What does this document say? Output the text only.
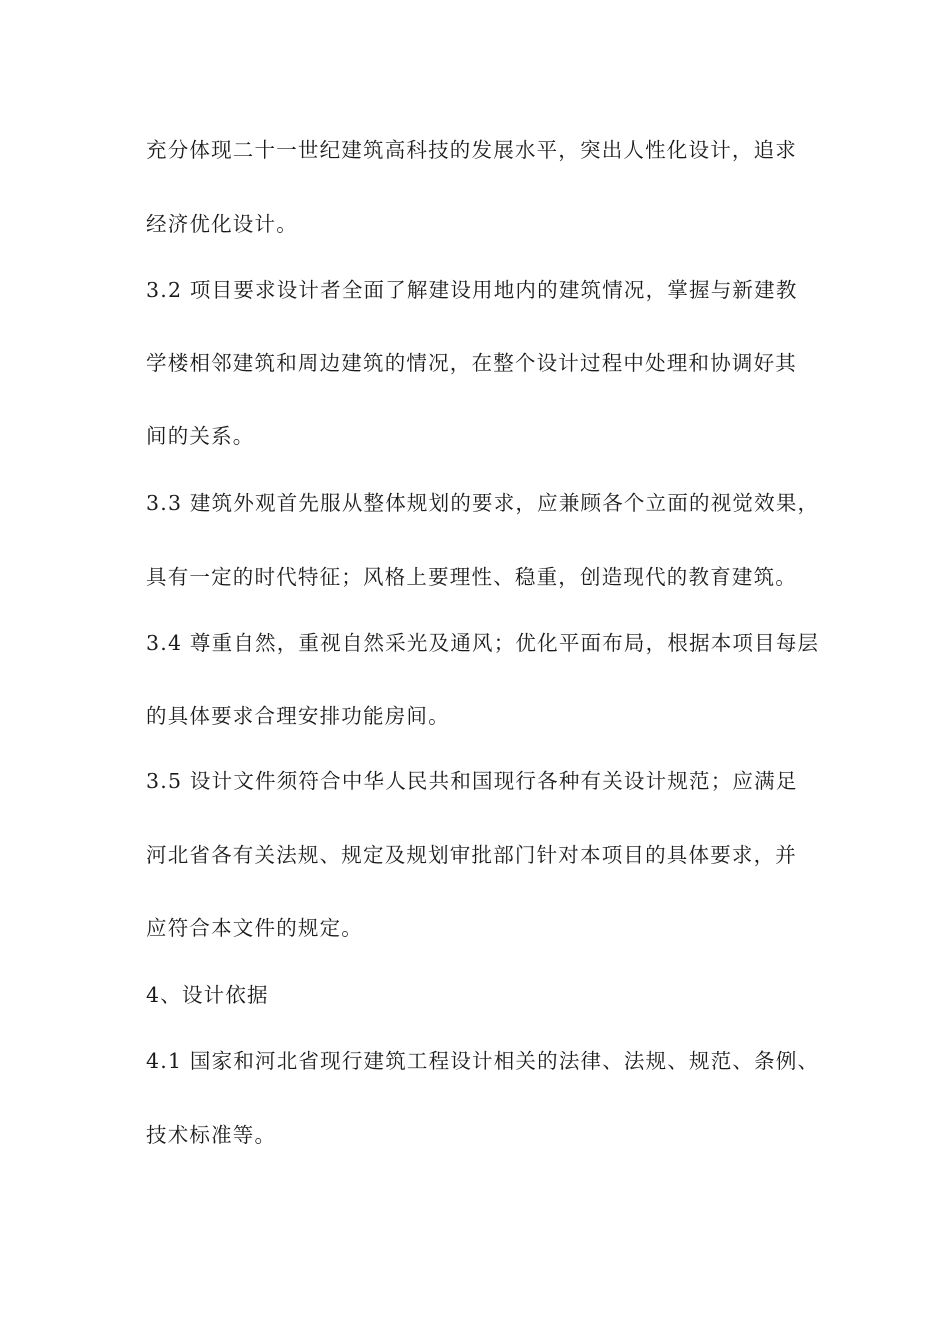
充分体现二十一世纪建筑高科技的发展水平，突出人性化设计，追求
经济优化设计。
3.2 项目要求设计者全面了解建设用地内的建筑情况，掌握与新建教
学楼相邻建筑和周边建筑的情况，在整个设计过程中处理和协调好其
间的关系。
3.3 建筑外观首先服从整体规划的要求，应兼顾各个立面的视觉效果，
具有一定的时代特征；风格上要理性、稳重，创造现代的教育建筑。
3.4 尊重自然，重视自然采光及通风；优化平面布局，根据本项目每层
的具体要求合理安排功能房间。
3.5 设计文件须符合中华人民共和国现行各种有关设计规范；应满足
河北省各有关法规、规定及规划审批部门针对本项目的具体要求，并
应符合本文件的规定。
4、设计依据
4.1 国家和河北省现行建筑工程设计相关的法律、法规、规范、条例、
技术标准等。
